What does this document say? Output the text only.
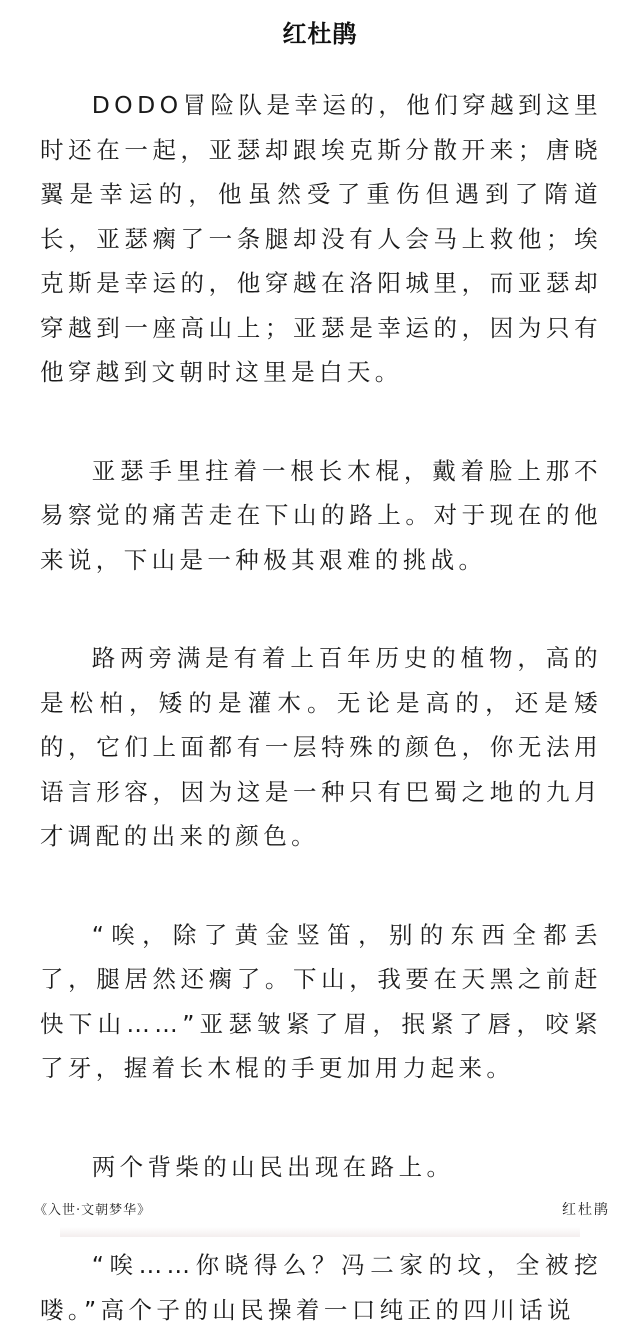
红杜鹃

DODO冒险队是幸运的，他们穿越到这里时还在一起，亚瑟却跟埃克斯分散开来；唐晓翼是幸运的，他虽然受了重伤但遇到了隋道长，亚瑟瘸了一条腿却没有人会马上救他；埃克斯是幸运的，他穿越在洛阳城里，而亚瑟却穿越到一座高山上；亚瑟是幸运的，因为只有他穿越到文朝时这里是白天。

亚瑟手里拄着一根长木棍，戴着脸上那不易察觉的痛苦走在下山的路上。对于现在的他来说，下山是一种极其艰难的挑战。

路两旁满是有着上百年历史的植物，高的是松柏，矮的是灌木。无论是高的，还是矮的，它们上面都有一层特殊的颜色，你无法用语言形容，因为这是一种只有巴蜀之地的九月才调配的出来的颜色。

“唉，除了黄金竖笛，别的东西全都丢了，腿居然还瘸了。下山，我要在天黑之前赶快下山……”亚瑟皱紧了眉，抿紧了唇，咬紧了牙，握着长木棍的手更加用力起来。

两个背柴的山民出现在路上。

“唉……你晓得么？冯二家的坟，全被挖喽。”高个子的山民操着一口纯正的四川话说

《入世·文朝梦华》	红杜鹃
